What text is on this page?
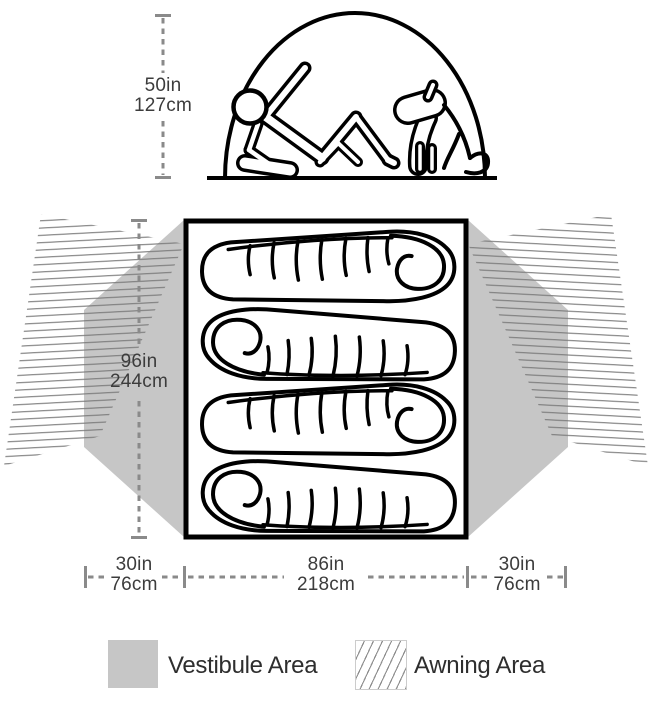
50in
127cm
96in
244cm
30in
76cm
86in
218cm
30in
76cm
Vestibule Area	Awning Area
